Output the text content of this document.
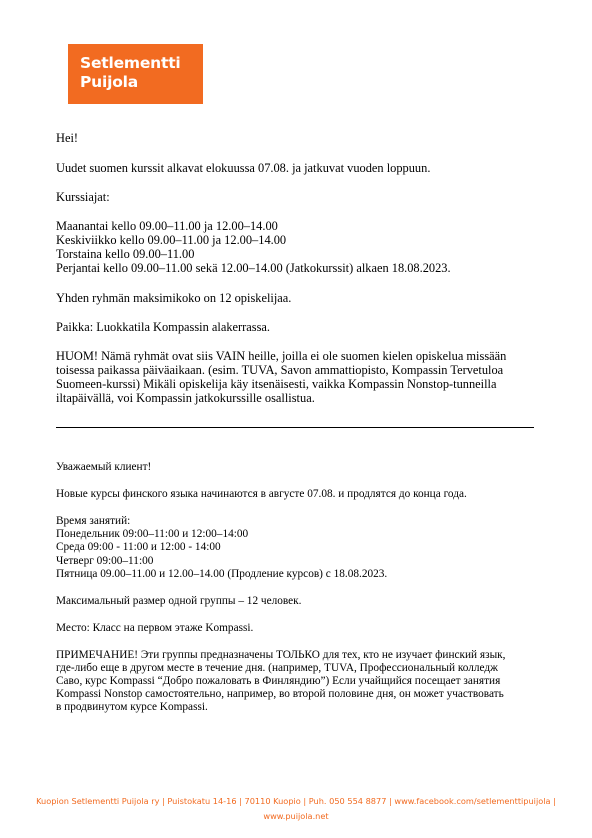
Setlementti
Puijola
Hei!
Uudet suomen kurssit alkavat elokuussa 07.08. ja jatkuvat vuoden loppuun.
Kurssiajat:
Maanantai kello 09.00–11.00 ja 12.00–14.00
Keskiviikko kello 09.00–11.00 ja 12.00–14.00
Torstaina kello 09.00–11.00
Perjantai kello 09.00–11.00 sekä 12.00–14.00 (Jatkokurssit) alkaen 18.08.2023.
Yhden ryhmän maksimikoko on 12 opiskelijaa.
Paikka: Luokkatila Kompassin alakerrassa.
HUOM! Nämä ryhmät ovat siis VAIN heille, joilla ei ole suomen kielen opiskelua missään
toisessa paikassa päiväaikaan. (esim. TUVA, Savon ammattiopisto, Kompassin Tervetuloa
Suomeen-kurssi) Mikäli opiskelija käy itsenäisesti, vaikka Kompassin Nonstop-tunneilla
iltapäivällä, voi Kompassin jatkokurssille osallistua.
Уважаемый клиент!
Новые курсы финского языка начинаются в августе 07.08. и продлятся до конца года.
Время занятий:
Понедельник 09:00–11:00 и 12:00–14:00
Среда 09:00 - 11:00 и 12:00 - 14:00
Четверг 09:00–11:00
Пятница 09.00–11.00 и 12.00–14.00 (Продление курсов) с 18.08.2023.
Максимальный размер одной группы – 12 человек.
Место: Класс на первом этаже Kompassi.
ПРИМЕЧАНИЕ! Эти группы предназначены ТОЛЬКО для тех, кто не изучает финский язык,
где-либо еще в другом месте в течение дня. (например, TUVA, Профессиональный колледж
Саво, курс Kompassi “Добро пожаловать в Финляндию”) Если учайщийся посещает занятия
Kompassi Nonstop самостоятельно, например, во второй половине дня, он может участвовать
в продвинутом курсе Kompassi.
Kuopion Setlementti Puijola ry | Puistokatu 14-16 | 70110 Kuopio | Puh. 050 554 8877 | www.facebook.com/setlementtipuijola |
www.puijola.net
